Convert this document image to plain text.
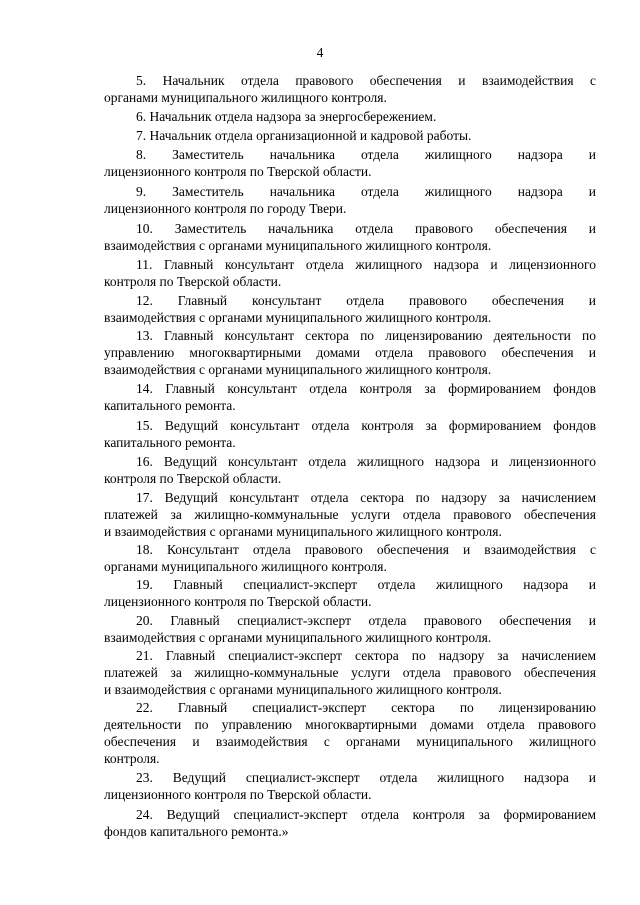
4

5. Начальник отдела правового обеспечения и взаимодействия с
органами муниципального жилищного контроля.

6. Начальник отдела надзора за энергосбережением.

7. Начальник отдела организационной и кадровой работы.

8. Заместитель начальника отдела жилищного надзора и
лицензионного контроля по Тверской области.

9. Заместитель начальника отдела жилищного надзора и
лицензионного контроля по городу Твери.

10. Заместитель начальника отдела правового обеспечения и
взаимодействия с органами муниципального жилищного контроля.

11. Главный консультант отдела жилищного надзора и лицензионного
контроля по Тверской области.

12. Главный консультант отдела правового обеспечения и
взаимодействия с органами муниципального жилищного контроля.

13. Главный консультант сектора по лицензированию деятельности по
управлению многоквартирными домами отдела правового обеспечения и
взаимодействия с органами муниципального жилищного контроля.

14. Главный консультант отдела контроля за формированием фондов
капитального ремонта.

15. Ведущий консультант отдела контроля за формированием фондов
капитального ремонта.

16. Ведущий консультант отдела жилищного надзора и лицензионного
контроля по Тверской области.

17. Ведущий консультант отдела сектора по надзору за начислением
платежей за жилищно-коммунальные услуги отдела правового обеспечения
и взаимодействия с органами муниципального жилищного контроля.

18. Консультант отдела правового обеспечения и взаимодействия с
органами муниципального жилищного контроля.

19. Главный специалист-эксперт отдела жилищного надзора и
лицензионного контроля по Тверской области.

20. Главный специалист-эксперт отдела правового обеспечения и
взаимодействия с органами муниципального жилищного контроля.

21. Главный специалист-эксперт сектора по надзору за начислением
платежей за жилищно-коммунальные услуги отдела правового обеспечения
и взаимодействия с органами муниципального жилищного контроля.

22. Главный специалист-эксперт сектора по лицензированию
деятельности по управлению многоквартирными домами отдела правового
обеспечения и взаимодействия с органами муниципального жилищного
контроля.

23. Ведущий специалист-эксперт отдела жилищного надзора и
лицензионного контроля по Тверской области.

24. Ведущий специалист-эксперт отдела контроля за формированием
фондов капитального ремонта.»
